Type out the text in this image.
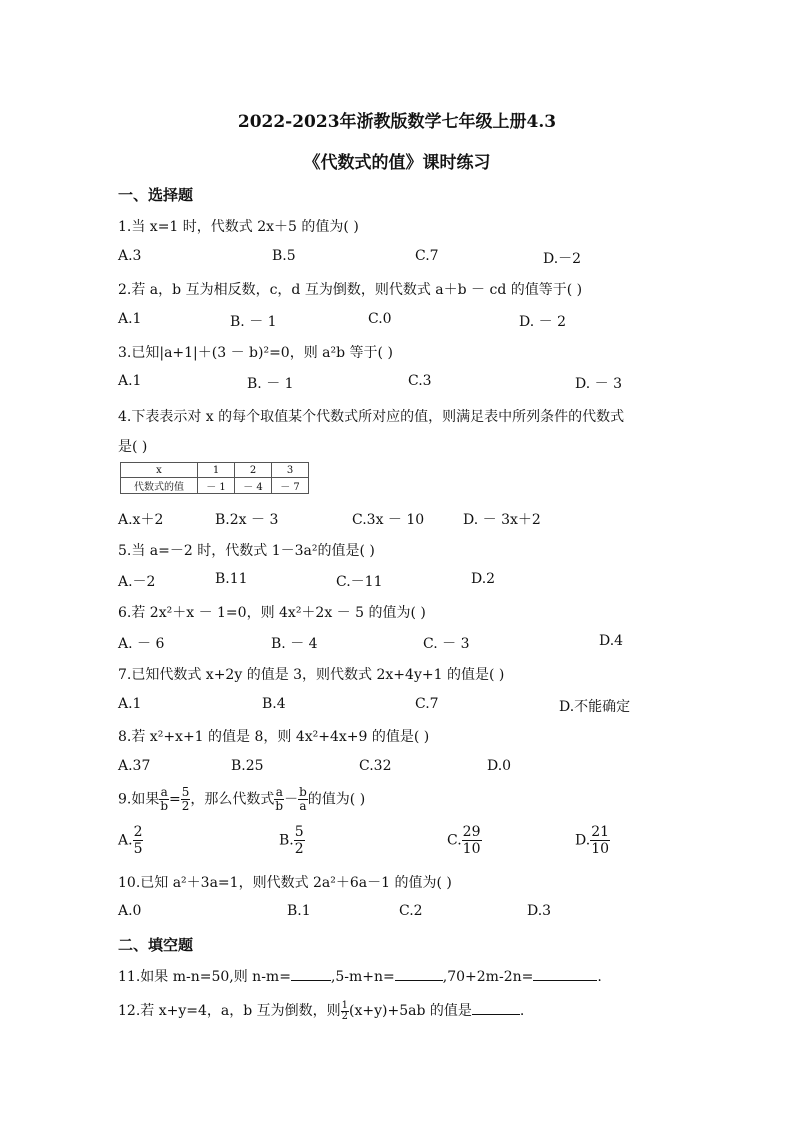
2022-2023年浙教版数学七年级上册4.3
《代数式的值》课时练习
一、选择题
1.当 x=1 时，代数式 2x＋5 的值为( )
A.3	B.5	C.7	D.－2
2.若 a，b 互为相反数，c，d 互为倒数，则代数式 a＋b － cd 的值等于( )
A.1	B. － 1	C.0	D. － 2
3.已知|a+1|＋(3 － b)²=0，则 a²b 等于( )
A.1	B. － 1	C.3	D. － 3
4.下表表示对 x 的每个取值某个代数式所对应的值，则满足表中所列条件的代数式
是( )
x	1	2	3
代数式的值	－ 1	－ 4	－ 7
A.x＋2	B.2x － 3	C.3x － 10	D. － 3x＋2
5.当 a=－2 时，代数式 1－3a²的值是( )
A.－2	B.11	C.－11	D.2
6.若 2x²＋x － 1=0，则 4x²＋2x － 5 的值为( )
A. － 6	B. － 4	C. － 3	D.4
7.已知代数式 x+2y 的值是 3，则代数式 2x+4y+1 的值是( )
A.1	B.4	C.7	D.不能确定
8.若 x²+x+1 的值是 8，则 4x²+4x+9 的值是( )
A.37	B.25	C.32	D.0
9.如果 $\frac{a}{b} = \frac{5}{2}$ ，那么代数式 $\frac{a}{b} - \frac{b}{a}$ 的值为( )
A. $\frac{2}{5}$	B. $\frac{5}{2}$	C. $\frac{29}{10}$	D. $\frac{21}{10}$
10.已知 a²＋3a=1，则代数式 2a²＋6a－1 的值为( )
A.0	B.1	C.2	D.3
二、填空题
11.如果 m-n=50,则 n-m=	,5-m+n=	,70+2m-2n=	.
12.若 x+y=4，a，b 互为倒数，则 $\frac{1}{2} (x+y)+5ab$ 的值是	.
